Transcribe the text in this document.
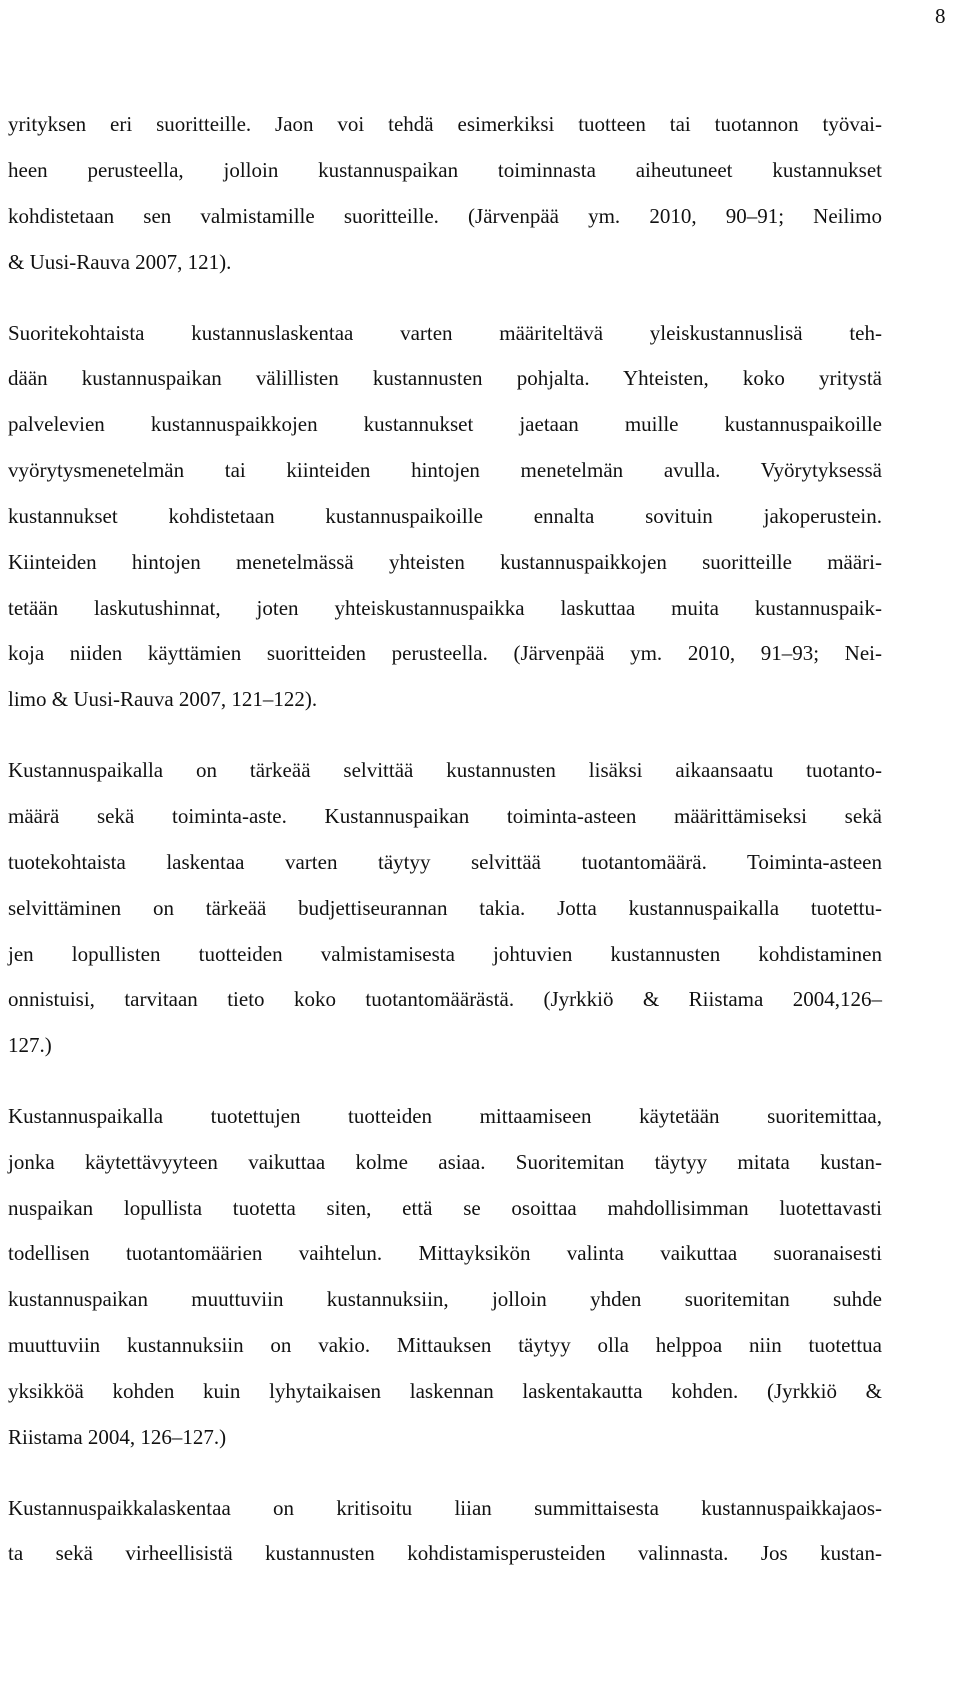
8
yrityksen eri suoritteille. Jaon voi tehdä esimerkiksi tuotteen tai tuotannon työvai-
heen perusteella, jolloin kustannuspaikan toiminnasta aiheutuneet kustannukset
kohdistetaan sen valmistamille suoritteille. (Järvenpää ym. 2010, 90–91; Neilimo
& Uusi-Rauva 2007, 121).
Suoritekohtaista kustannuslaskentaa varten määriteltävä yleiskustannuslisä teh-
dään kustannuspaikan välillisten kustannusten pohjalta. Yhteisten, koko yritystä
palvelevien kustannuspaikkojen kustannukset jaetaan muille kustannuspaikoille
vyörytysmenetelmän tai kiinteiden hintojen menetelmän avulla. Vyörytyksessä
kustannukset kohdistetaan kustannuspaikoille ennalta sovituin jakoperustein.
Kiinteiden hintojen menetelmässä yhteisten kustannuspaikkojen suoritteille määri-
tetään laskutushinnat, joten yhteiskustannuspaikka laskuttaa muita kustannuspaik-
koja niiden käyttämien suoritteiden perusteella. (Järvenpää ym. 2010, 91–93; Nei-
limo & Uusi-Rauva 2007, 121–122).
Kustannuspaikalla on tärkeää selvittää kustannusten lisäksi aikaansaatu tuotanto-
määrä sekä toiminta-aste. Kustannuspaikan toiminta-asteen määrittämiseksi sekä
tuotekohtaista laskentaa varten täytyy selvittää tuotantomäärä. Toiminta-asteen
selvittäminen on tärkeää budjettiseurannan takia. Jotta kustannuspaikalla tuotettu-
jen lopullisten tuotteiden valmistamisesta johtuvien kustannusten kohdistaminen
onnistuisi, tarvitaan tieto koko tuotantomäärästä. (Jyrkkiö & Riistama 2004,126–
127.)
Kustannuspaikalla tuotettujen tuotteiden mittaamiseen käytetään suoritemittaa,
jonka käytettävyyteen vaikuttaa kolme asiaa. Suoritemitan täytyy mitata kustan-
nuspaikan lopullista tuotetta siten, että se osoittaa mahdollisimman luotettavasti
todellisen tuotantomäärien vaihtelun. Mittayksikön valinta vaikuttaa suoranaisesti
kustannuspaikan muuttuviin kustannuksiin, jolloin yhden suoritemitan suhde
muuttuviin kustannuksiin on vakio. Mittauksen täytyy olla helppoa niin tuotettua
yksikköä kohden kuin lyhytaikaisen laskennan laskentakautta kohden. (Jyrkkiö &
Riistama 2004, 126–127.)
Kustannuspaikkalaskentaa on kritisoitu liian summittaisesta kustannuspaikkajaos-
ta sekä virheellisistä kustannusten kohdistamisperusteiden valinnasta. Jos kustan-
